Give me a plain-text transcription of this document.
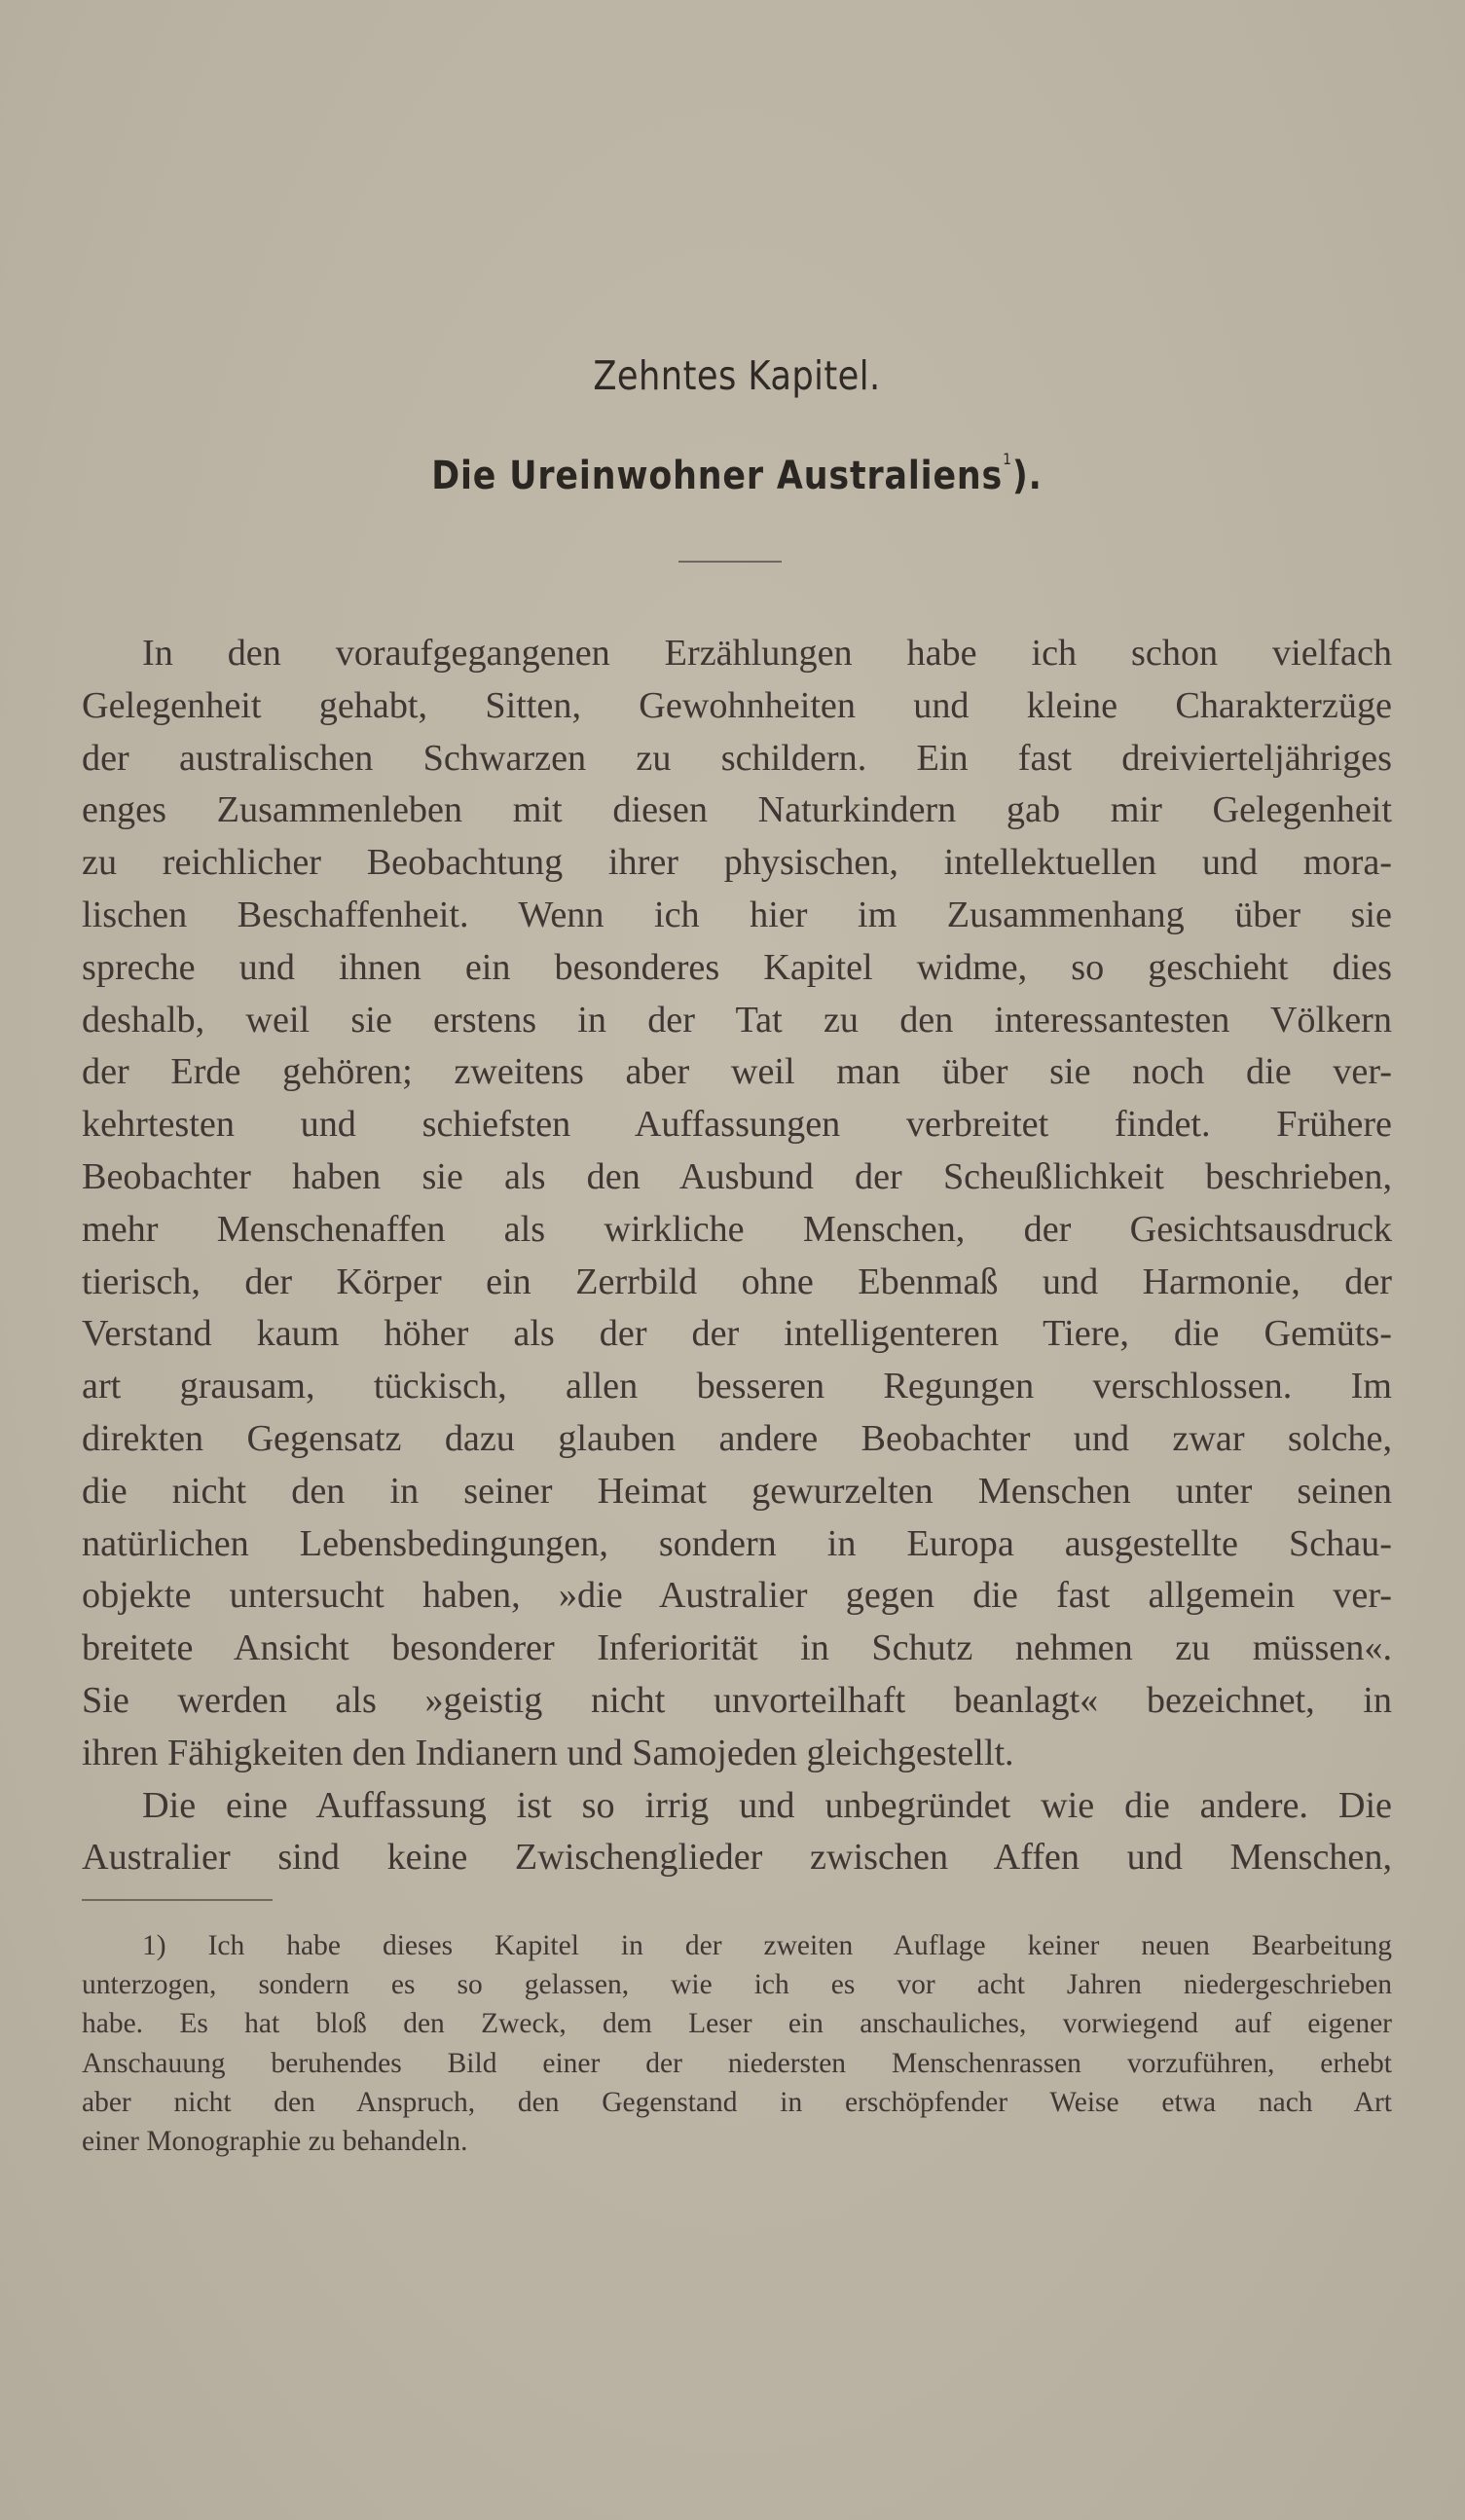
Zehntes Kapitel.
Die Ureinwohner Australiens$^1$).
In den voraufgegangenen Erzählungen habe ich schon vielfach
Gelegenheit gehabt, Sitten, Gewohnheiten und kleine Charakterzüge
der australischen Schwarzen zu schildern. Ein fast dreivierteljähriges
enges Zusammenleben mit diesen Naturkindern gab mir Gelegenheit
zu reichlicher Beobachtung ihrer physischen, intellektuellen und mora-
lischen Beschaffenheit. Wenn ich hier im Zusammenhang über sie
spreche und ihnen ein besonderes Kapitel widme, so geschieht dies
deshalb, weil sie erstens in der Tat zu den interessantesten Völkern
der Erde gehören; zweitens aber weil man über sie noch die ver-
kehrtesten und schiefsten Auffassungen verbreitet findet. Frühere
Beobachter haben sie als den Ausbund der Scheußlichkeit beschrieben,
mehr Menschenaffen als wirkliche Menschen, der Gesichtsausdruck
tierisch, der Körper ein Zerrbild ohne Ebenmaß und Harmonie, der
Verstand kaum höher als der der intelligenteren Tiere, die Gemüts-
art grausam, tückisch, allen besseren Regungen verschlossen. Im
direkten Gegensatz dazu glauben andere Beobachter und zwar solche,
die nicht den in seiner Heimat gewurzelten Menschen unter seinen
natürlichen Lebensbedingungen, sondern in Europa ausgestellte Schau-
objekte untersucht haben, »die Australier gegen die fast allgemein ver-
breitete Ansicht besonderer Inferiorität in Schutz nehmen zu müssen«.
Sie werden als »geistig nicht unvorteilhaft beanlagt« bezeichnet, in
ihren Fähigkeiten den Indianern und Samojeden gleichgestellt.
Die eine Auffassung ist so irrig und unbegründet wie die andere. Die
Australier sind keine Zwischenglieder zwischen Affen und Menschen,
1) Ich habe dieses Kapitel in der zweiten Auflage keiner neuen Bearbeitung
unterzogen, sondern es so gelassen, wie ich es vor acht Jahren niedergeschrieben
habe. Es hat bloß den Zweck, dem Leser ein anschauliches, vorwiegend auf eigener
Anschauung beruhendes Bild einer der niedersten Menschenrassen vorzuführen, erhebt
aber nicht den Anspruch, den Gegenstand in erschöpfender Weise etwa nach Art
einer Monographie zu behandeln.
